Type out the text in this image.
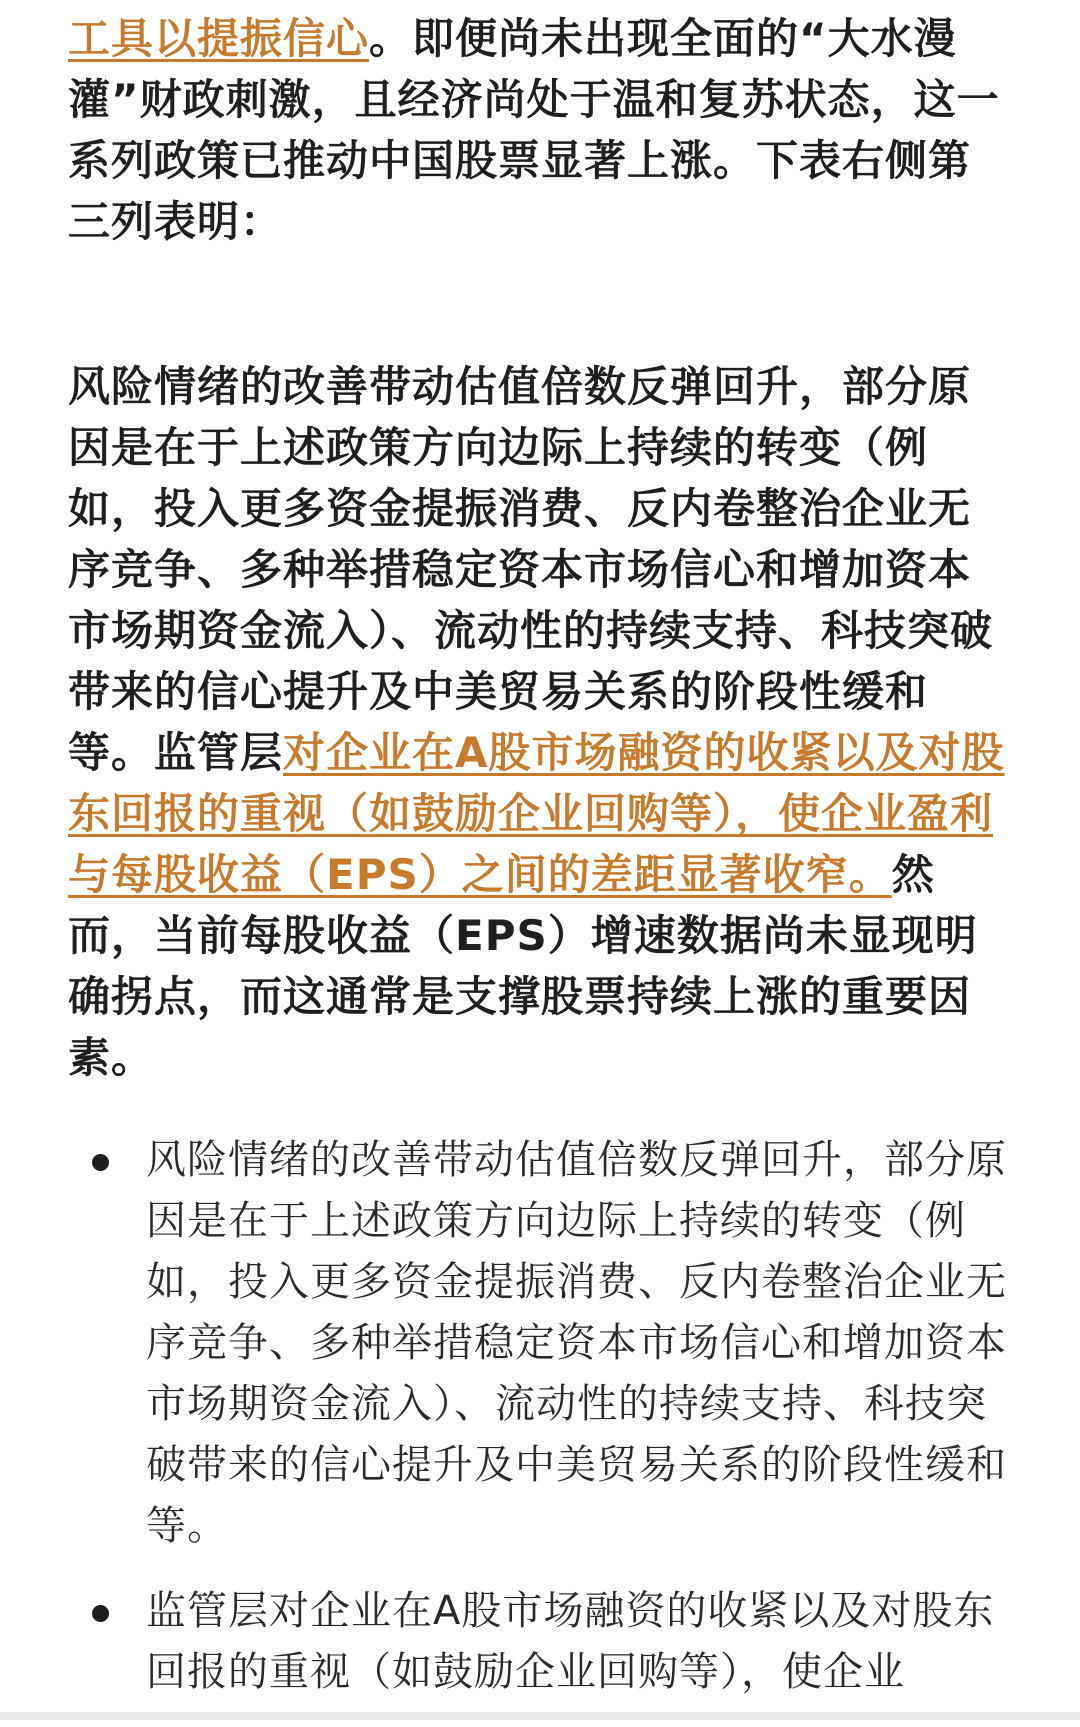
工具以提振信心。即便尚未出现全面的“大水漫灌”财政刺激，且经济尚处于温和复苏状态，这一系列政策已推动中国股票显著上涨。下表右侧第三列表明：

风险情绪的改善带动估值倍数反弹回升，部分原因是在于上述政策方向边际上持续的转变（例如，投入更多资金提振消费、反内卷整治企业无序竞争、多种举措稳定资本市场信心和增加资本市场期资金流入）、流动性的持续支持、科技突破带来的信心提升及中美贸易关系的阶段性缓和等。监管层对企业在A股市场融资的收紧以及对股东回报的重视（如鼓励企业回购等），使企业盈利与每股收益（EPS）之间的差距显著收窄。然而，当前每股收益（EPS）增速数据尚未显现明确拐点，而这通常是支撑股票持续上涨的重要因素。

风险情绪的改善带动估值倍数反弹回升，部分原因是在于上述政策方向边际上持续的转变（例如，投入更多资金提振消费、反内卷整治企业无序竞争、多种举措稳定资本市场信心和增加资本市场期资金流入）、流动性的持续支持、科技突破带来的信心提升及中美贸易关系的阶段性缓和等。
监管层对企业在A股市场融资的收紧以及对股东回报的重视（如鼓励企业回购等），使企业
